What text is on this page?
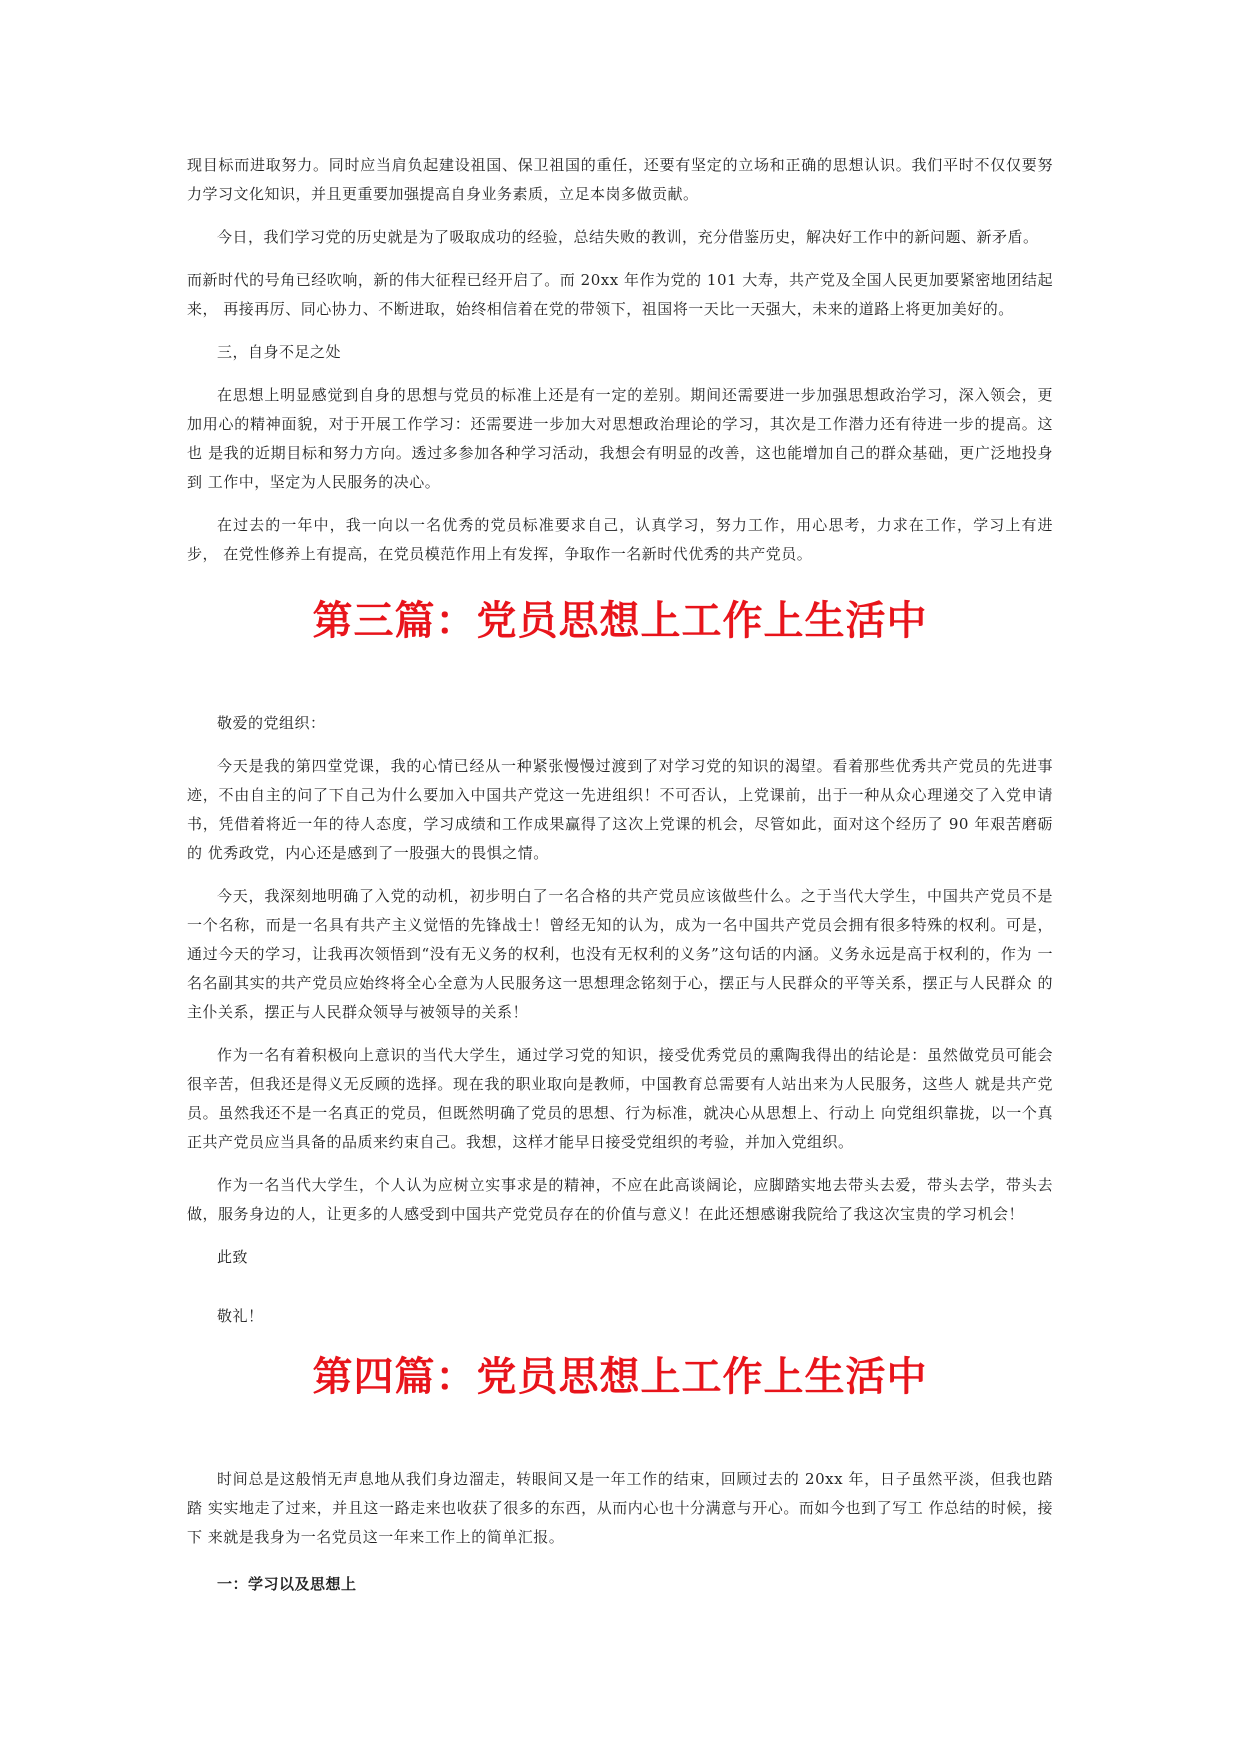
现目标而进取努力。同时应当肩负起建设祖国、保卫祖国的重任，还要有坚定的立场和正确的思想认识。我们平时不仅仅要努 力学习文化知识，并且更重要加强提高自身业务素质，立足本岗多做贡献。

今日，我们学习党的历史就是为了吸取成功的经验，总结失败的教训，充分借鉴历史，解决好工作中的新问题、新矛盾。

而新时代的号角已经吹响，新的伟大征程已经开启了。而 20xx 年作为党的 101 大寿，共产党及全国人民更加要紧密地团结起来， 再接再厉、同心协力、不断进取，始终相信着在党的带领下，祖国将一天比一天强大，未来的道路上将更加美好的。

三，自身不足之处

在思想上明显感觉到自身的思想与党员的标准上还是有一定的差别。期间还需要进一步加强思想政治学习，深入领会，更加用心的精神面貌，对于开展工作学习：还需要进一步加大对思想政治理论的学习，其次是工作潜力还有待进一步的提高。这也 是我的近期目标和努力方向。透过多参加各种学习活动，我想会有明显的改善，这也能增加自己的群众基础，更广泛地投身到 工作中，坚定为人民服务的决心。

在过去的一年中，我一向以一名优秀的党员标准要求自己，认真学习，努力工作，用心思考，力求在工作，学习上有进步， 在党性修养上有提高，在党员模范作用上有发挥，争取作一名新时代优秀的共产党员。

第三篇：党员思想上工作上生活中

敬爱的党组织：

今天是我的第四堂党课，我的心情已经从一种紧张慢慢过渡到了对学习党的知识的渴望。看着那些优秀共产党员的先进事迹，不由自主的问了下自己为什么要加入中国共产党这一先进组织！不可否认，上党课前，出于一种从众心理递交了入党申请书，凭借着将近一年的待人态度，学习成绩和工作成果赢得了这次上党课的机会，尽管如此，面对这个经历了 90 年艰苦磨砺的 优秀政党，内心还是感到了一股强大的畏惧之情。

今天，我深刻地明确了入党的动机，初步明白了一名合格的共产党员应该做些什么。之于当代大学生，中国共产党员不是一个名称，而是一名具有共产主义觉悟的先锋战士！曾经无知的认为，成为一名中国共产党员会拥有很多特殊的权利。可是，通过今天的学习，让我再次领悟到“没有无义务的权利，也没有无权利的义务”这句话的内涵。义务永远是高于权利的，作为 一名名副其实的共产党员应始终将全心全意为人民服务这一思想理念铭刻于心，摆正与人民群众的平等关系，摆正与人民群众 的主仆关系，摆正与人民群众领导与被领导的关系！

作为一名有着积极向上意识的当代大学生，通过学习党的知识，接受优秀党员的熏陶我得出的结论是：虽然做党员可能会 很辛苦，但我还是得义无反顾的选择。现在我的职业取向是教师，中国教育总需要有人站出来为人民服务，这些人 就是共产党 员。虽然我还不是一名真正的党员，但既然明确了党员的思想、行为标准，就决心从思想上、行动上 向党组织靠拢，以一个真 正共产党员应当具备的品质来约束自己。我想，这样才能早日接受党组织的考验，并加入党组织。

作为一名当代大学生，个人认为应树立实事求是的精神，不应在此高谈阔论，应脚踏实地去带头去爱，带头去学，带头去 做，服务身边的人，让更多的人感受到中国共产党党员存在的价值与意义！在此还想感谢我院给了我这次宝贵的学习机会！

此致

敬礼！

第四篇：党员思想上工作上生活中

时间总是这般悄无声息地从我们身边溜走，转眼间又是一年工作的结束，回顾过去的 20xx 年，日子虽然平淡，但我也踏踏 实实地走了过来，并且这一路走来也收获了很多的东西，从而内心也十分满意与开心。而如今也到了写工 作总结的时候，接下 来就是我身为一名党员这一年来工作上的简单汇报。

一：学习以及思想上
